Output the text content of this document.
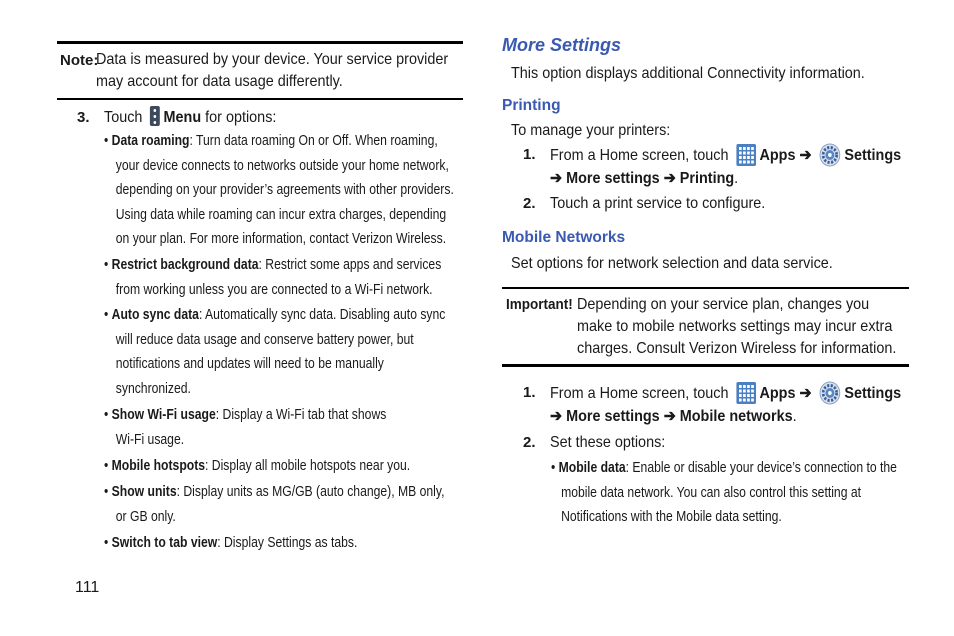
Note:
Data is measured by your device. Your service provider
may account for data usage differently.
3. Touch Menu for options:
• Data roaming: Turn data roaming On or Off. When roaming,
your device connects to networks outside your home network,
depending on your provider’s agreements with other providers.
Using data while roaming can incur extra charges, depending
on your plan. For more information, contact Verizon Wireless.
• Restrict background data: Restrict some apps and services
from working unless you are connected to a Wi-Fi network.
• Auto sync data: Automatically sync data. Disabling auto sync
will reduce data usage and conserve battery power, but
notifications and updates will need to be manually
synchronized.
• Show Wi-Fi usage: Display a Wi-Fi tab that shows
Wi-Fi usage.
• Mobile hotspots: Display all mobile hotspots near you.
• Show units: Display units as MG/GB (auto change), MB only,
or GB only.
• Switch to tab view: Display Settings as tabs.
111
More Settings
This option displays additional Connectivity information.
Printing
To manage your printers:
1. From a Home screen, touch Apps ➔ Settings
➔ More settings ➔ Printing.
2. Touch a print service to configure.
Mobile Networks
Set options for network selection and data service.
Important! Depending on your service plan, changes you
make to mobile networks settings may incur extra
charges. Consult Verizon Wireless for information.
1. From a Home screen, touch Apps ➔ Settings
➔ More settings ➔ Mobile networks.
2. Set these options:
• Mobile data: Enable or disable your device’s connection to the
mobile data network. You can also control this setting at
Notifications with the Mobile data setting.
